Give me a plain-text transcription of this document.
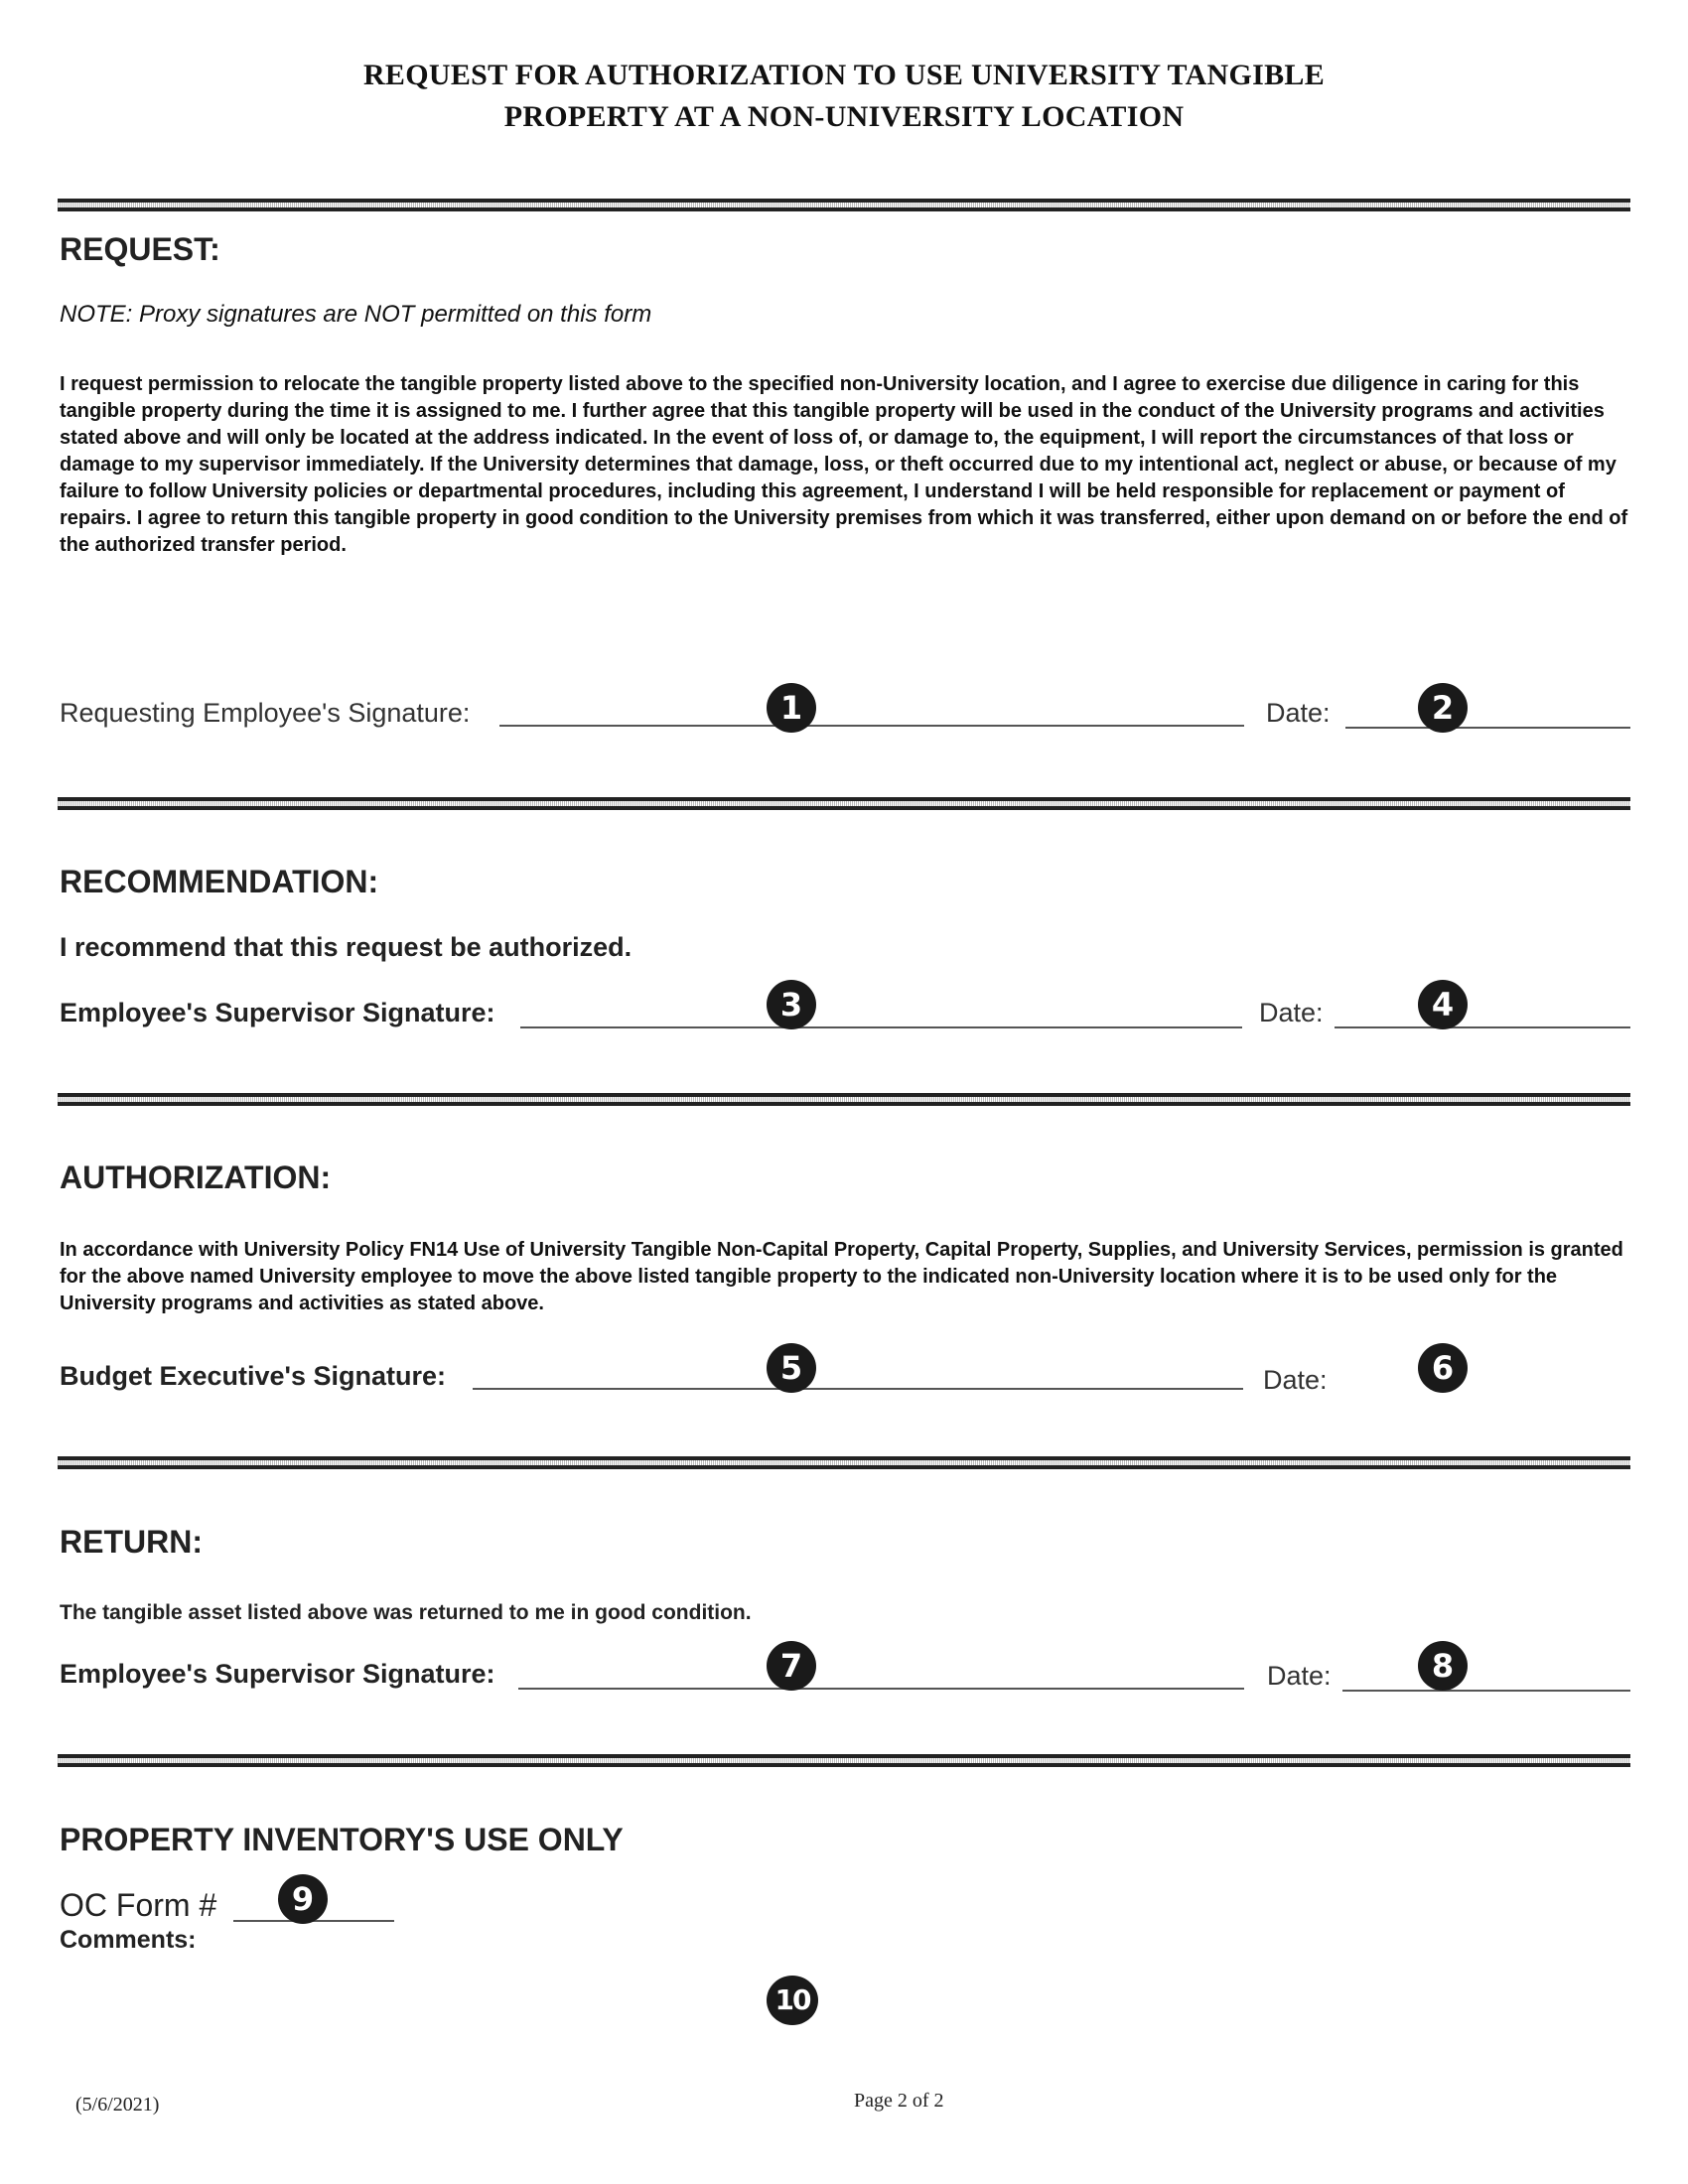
REQUEST FOR AUTHORIZATION TO USE UNIVERSITY TANGIBLE
PROPERTY AT A NON-UNIVERSITY LOCATION
REQUEST:
NOTE: Proxy signatures are NOT permitted on this form
I request permission to relocate the tangible property listed above to the specified non-University location, and I agree to exercise due diligence in caring for this tangible property during the time it is assigned to me. I further agree that this tangible property will be used in the conduct of the University programs and activities stated above and will only be located at the address indicated. In the event of loss of, or damage to, the equipment, I will report the circumstances of that loss or damage to my supervisor immediately. If the University determines that damage, loss, or theft occurred due to my intentional act, neglect or abuse, or because of my failure to follow University policies or departmental procedures, including this agreement, I understand I will be held responsible for replacement or payment of repairs. I agree to return this tangible property in good condition to the University premises from which it was transferred, either upon demand on or before the end of the authorized transfer period.
Requesting Employee's Signature:	1	Date:	2
RECOMMENDATION:
I recommend that this request be authorized.
Employee's Supervisor Signature:	3	Date:	4
AUTHORIZATION:
In accordance with University Policy FN14 Use of University Tangible Non-Capital Property, Capital Property, Supplies, and University Services, permission is granted for the above named University employee to move the above listed tangible property to the indicated non-University location where it is to be used only for the University programs and activities as stated above.
Budget Executive's Signature:	5	Date:	6
RETURN:
The tangible asset listed above was returned to me in good condition.
Employee's Supervisor Signature:	7	Date:	8
PROPERTY INVENTORY'S USE ONLY
OC Form #	9
Comments:
10
(5/6/2021)	Page 2 of 2
